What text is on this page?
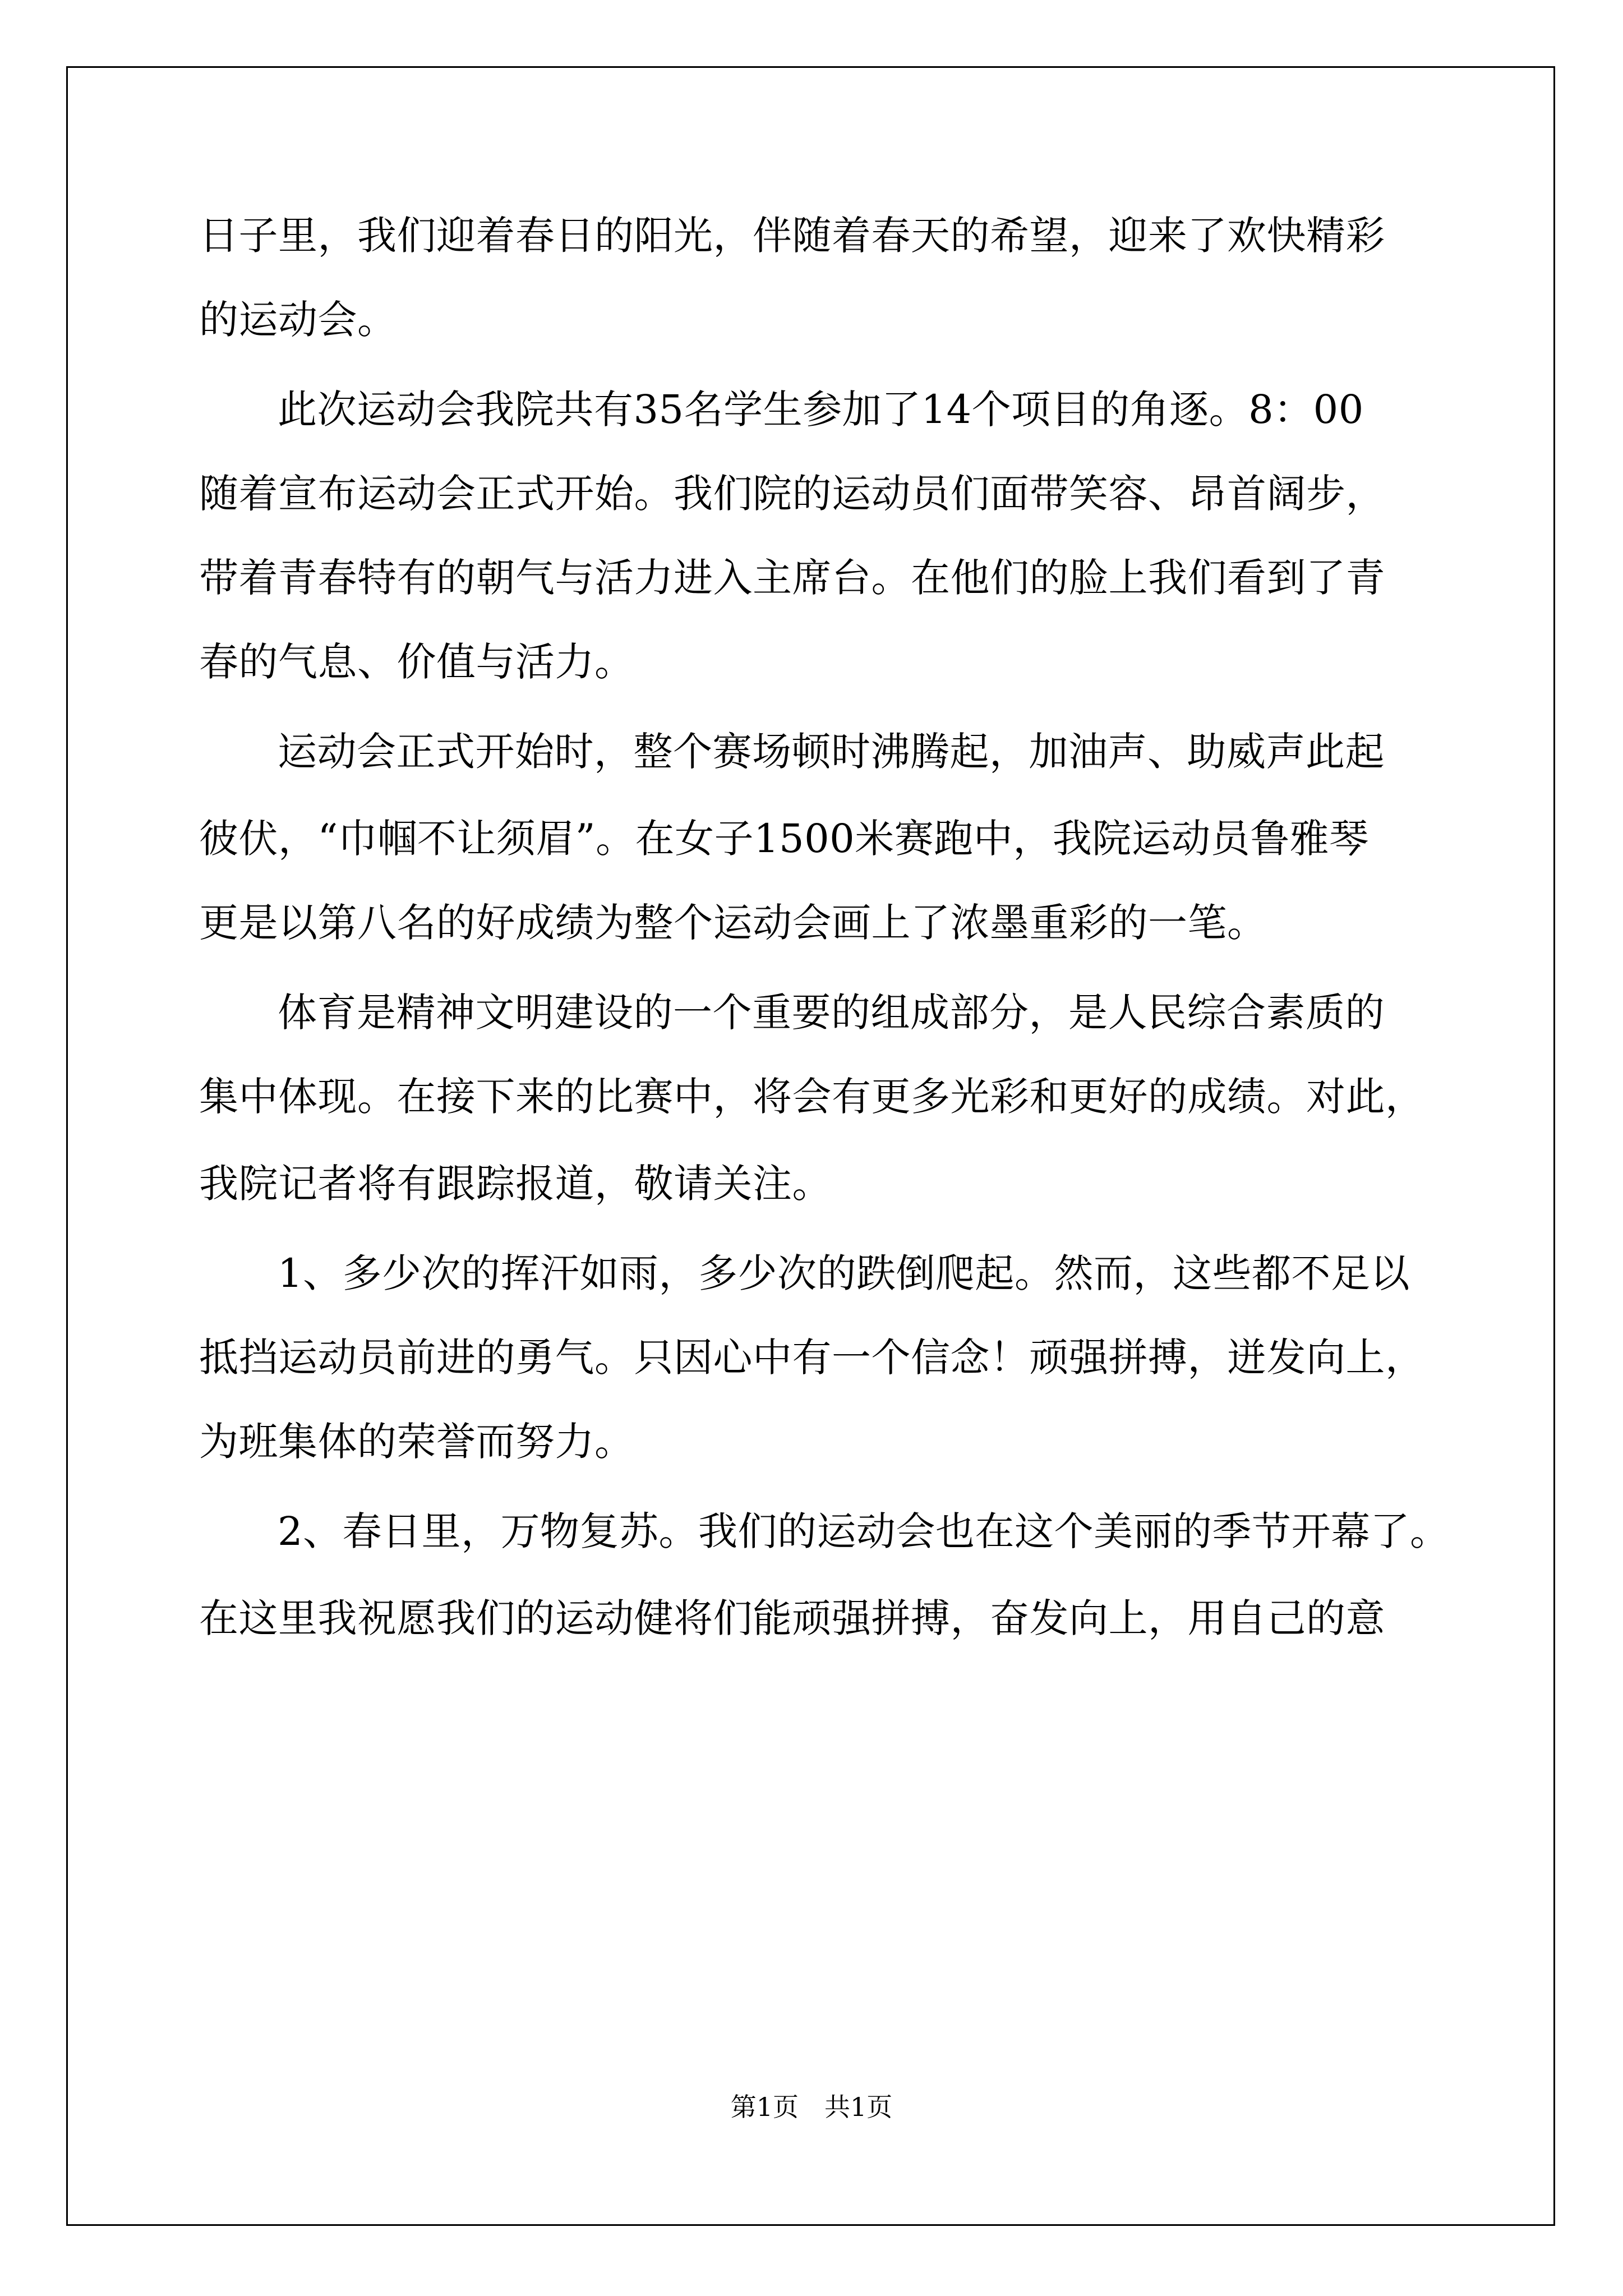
日子里，我们迎着春日的阳光，伴随着春天的希望，迎来了欢快精彩
的运动会。
此次运动会我院共有35名学生参加了14个项目的角逐。8：00
随着宣布运动会正式开始。我们院的运动员们面带笑容、昂首阔步，
带着青春特有的朝气与活力进入主席台。在他们的脸上我们看到了青
春的气息、价值与活力。
运动会正式开始时，整个赛场顿时沸腾起，加油声、助威声此起
彼伏，“巾帼不让须眉”。在女子1500米赛跑中，我院运动员鲁雅琴
更是以第八名的好成绩为整个运动会画上了浓墨重彩的一笔。
体育是精神文明建设的一个重要的组成部分，是人民综合素质的
集中体现。在接下来的比赛中，将会有更多光彩和更好的成绩。对此，
我院记者将有跟踪报道，敬请关注。
1、多少次的挥汗如雨，多少次的跌倒爬起。然而，这些都不足以
抵挡运动员前进的勇气。只因心中有一个信念！顽强拼搏，迸发向上，
为班集体的荣誉而努力。
2、春日里，万物复苏。我们的运动会也在这个美丽的季节开幕了。
在这里我祝愿我们的运动健将们能顽强拼搏，奋发向上，用自己的意
第1页　共1页
